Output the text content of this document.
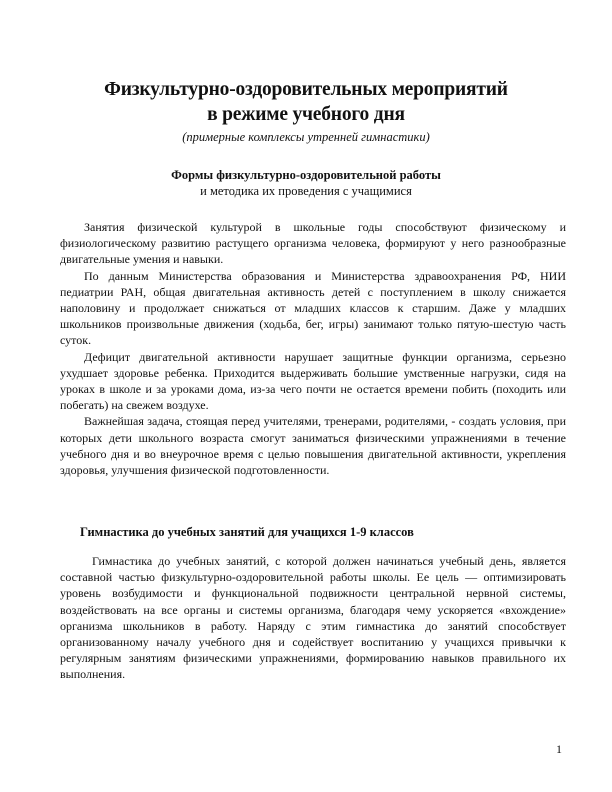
Физкультурно-оздоровительных мероприятий
в режиме учебного дня
(примерные комплексы утренней гимнастики)
Формы физкультурно-оздоровительной работы
и методика их проведения с учащимися

Занятия физической культурой в школьные годы способствуют физическому и физиологическому развитию растущего организма человека, формируют у него разнообразные двигательные умения и навыки.

По данным Министерства образования и Министерства здравоохранения РФ, НИИ педиатрии РАН, общая двигательная активность детей с поступлением в школу снижается наполовину и продолжает снижаться от младших классов к старшим. Даже у младших школьников произвольные движения (ходьба, бег, игры) занимают только пятую-шестую часть суток.

Дефицит двигательной активности нарушает защитные функции организма, серьезно ухудшает здоровье ребенка. Приходится выдерживать большие умственные нагрузки, сидя на уроках в школе и за уроками дома, из-за чего почти не остается времени побить (походить или побегать) на свежем воздухе.

Важнейшая задача, стоящая перед учителями, тренерами, родителями, - создать условия, при которых дети школьного возраста смогут заниматься физическими упражнениями в течение учебного дня и во внеурочное время с целью повышения двигательной активности, укрепления здоровья, улучшения физической подготовленности.

Гимнастика до учебных занятий для учащихся 1-9 классов

Гимнастика до учебных занятий, с которой должен начинаться учебный день, является составной частью физкультурно-оздоровительной работы школы. Ее цель — оптимизировать уровень возбудимости и функциональной подвижности центральной нервной системы, воздействовать на все органы и системы организма, благодаря чему ускоряется «вхождение» организма школьников в работу. Наряду с этим гимнастика до занятий способствует организованному началу учебного дня и содействует воспитанию у учащихся привычки к регулярным занятиям физическими упражнениями, формированию навыков правильного их выполнения.

1
